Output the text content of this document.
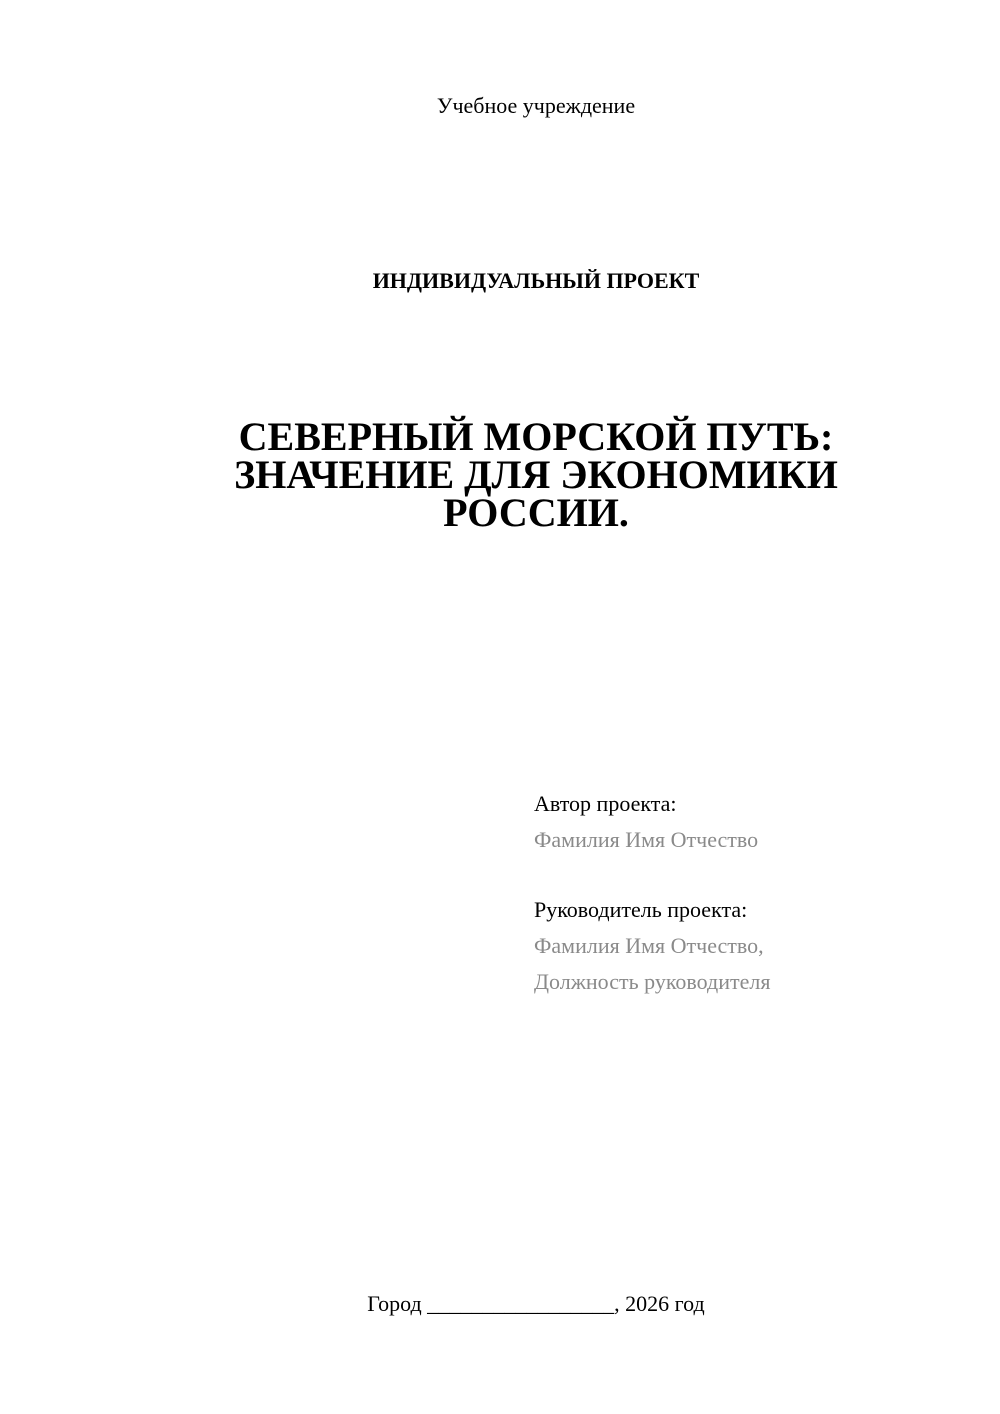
Учебное учреждение
ИНДИВИДУАЛЬНЫЙ ПРОЕКТ
СЕВЕРНЫЙ МОРСКОЙ ПУТЬ:
ЗНАЧЕНИЕ ДЛЯ ЭКОНОМИКИ
РОССИИ.
Автор проекта:
Фамилия Имя Отчество
Руководитель проекта:
Фамилия Имя Отчество,
Должность руководителя
Город _________________, 2026 год
